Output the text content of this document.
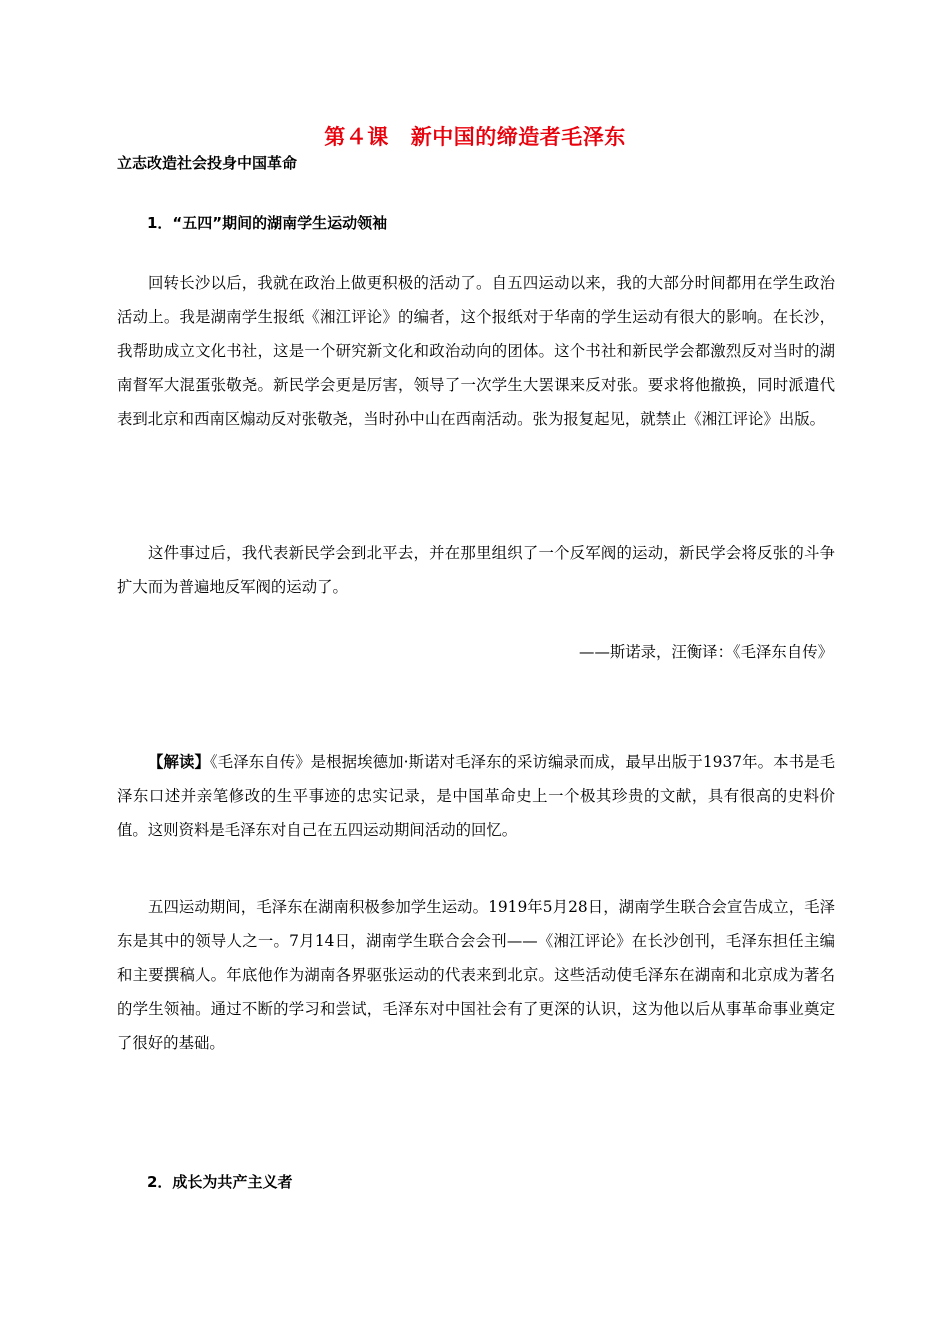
第４课 新中国的缔造者毛泽东
立志改造社会投身中国革命
1．“五四”期间的湖南学生运动领袖

回转长沙以后，我就在政治上做更积极的活动了。自五四运动以来，我的大部分时间都用在学生政治活动上。我是湖南学生报纸《湘江评论》的编者，这个报纸对于华南的学生运动有很大的影响。在长沙，我帮助成立文化书社，这是一个研究新文化和政治动向的团体。这个书社和新民学会都激烈反对当时的湖南督军大混蛋张敬尧。新民学会更是厉害，领导了一次学生大罢课来反对张。要求将他撤换，同时派遣代表到北京和西南区煽动反对张敬尧，当时孙中山在西南活动。张为报复起见，就禁止《湘江评论》出版。

这件事过后，我代表新民学会到北平去，并在那里组织了一个反军阀的运动，新民学会将反张的斗争扩大而为普遍地反军阀的运动了。

——斯诺录，汪衡译：《毛泽东自传》

【解读】《毛泽东自传》是根据埃德加·斯诺对毛泽东的采访编录而成，最早出版于1937年。本书是毛泽东口述并亲笔修改的生平事迹的忠实记录，是中国革命史上一个极其珍贵的文献，具有很高的史料价值。这则资料是毛泽东对自己在五四运动期间活动的回忆。

五四运动期间，毛泽东在湖南积极参加学生运动。1919年5月28日，湖南学生联合会宣告成立，毛泽东是其中的领导人之一。7月14日，湖南学生联合会会刊——《湘江评论》在长沙创刊，毛泽东担任主编和主要撰稿人。年底他作为湖南各界驱张运动的代表来到北京。这些活动使毛泽东在湖南和北京成为著名的学生领袖。通过不断的学习和尝试，毛泽东对中国社会有了更深的认识，这为他以后从事革命事业奠定了很好的基础。

2．成长为共产主义者
